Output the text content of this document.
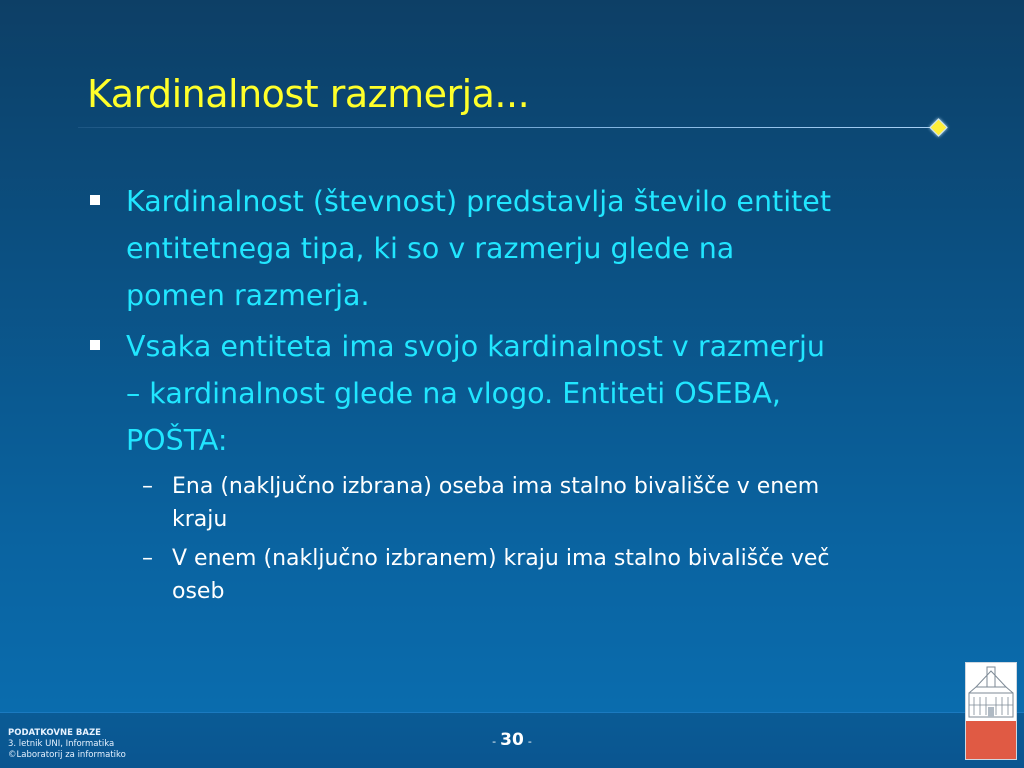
Kardinalnost razmerja...
Kardinalnost (števnost) predstavlja število entitet
entitetnega tipa, ki so v razmerju glede na
pomen razmerja.
Vsaka entiteta ima svojo kardinalnost v razmerju
– kardinalnost glede na vlogo. Entiteti OSEBA,
POŠTA:
– Ena (naključno izbrana) oseba ima stalno bivališče v enem
kraju
– V enem (naključno izbranem) kraju ima stalno bivališče več
oseb
PODATKOVNE BAZE
3. letnik UNI, Informatika
©Laboratorij za informatiko
- 30 -
